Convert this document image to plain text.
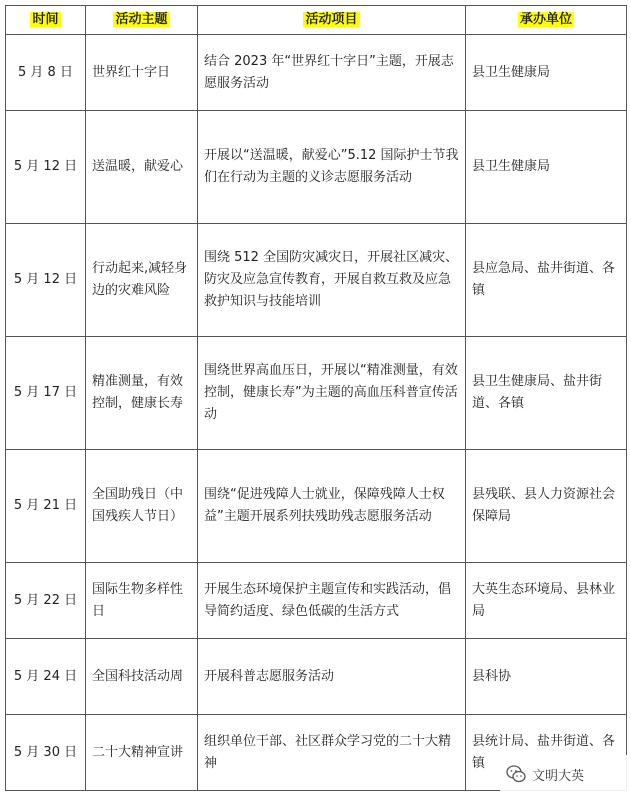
时间	活动主题	活动项目	承办单位
5 月 8 日	世界红十字日	结合 2023 年“世界红十字日”主题，开展志愿服务活动	县卫生健康局
5 月 12 日	送温暖，献爱心	开展以“送温暖，献爱心”5.12 国际护士节我们在行动为主题的义诊志愿服务活动	县卫生健康局
5 月 12 日	行动起来,减轻身边的灾难风险	围绕 512 全国防灾减灾日，开展社区减灾、防灾及应急宣传教育，开展自救互救及应急救护知识与技能培训	县应急局、盐井街道、各镇
5 月 17 日	精准测量，有效控制，健康长寿	围绕世界高血压日，开展以“精准测量，有效控制，健康长寿”为主题的高血压科普宣传活动	县卫生健康局、盐井街道、各镇
5 月 21 日	全国助残日（中国残疾人节日）	围绕“促进残障人士就业，保障残障人士权益”主题开展系列扶残助残志愿服务活动	县残联、县人力资源社会保障局
5 月 22 日	国际生物多样性日	开展生态环境保护主题宣传和实践活动，倡导简约适度、绿色低碳的生活方式	大英生态环境局、县林业局
5 月 24 日	全国科技活动周	开展科普志愿服务活动	县科协
5 月 30 日	二十大精神宣讲	组织单位干部、社区群众学习党的二十大精神	县统计局、盐井街道、各镇
文明大英
